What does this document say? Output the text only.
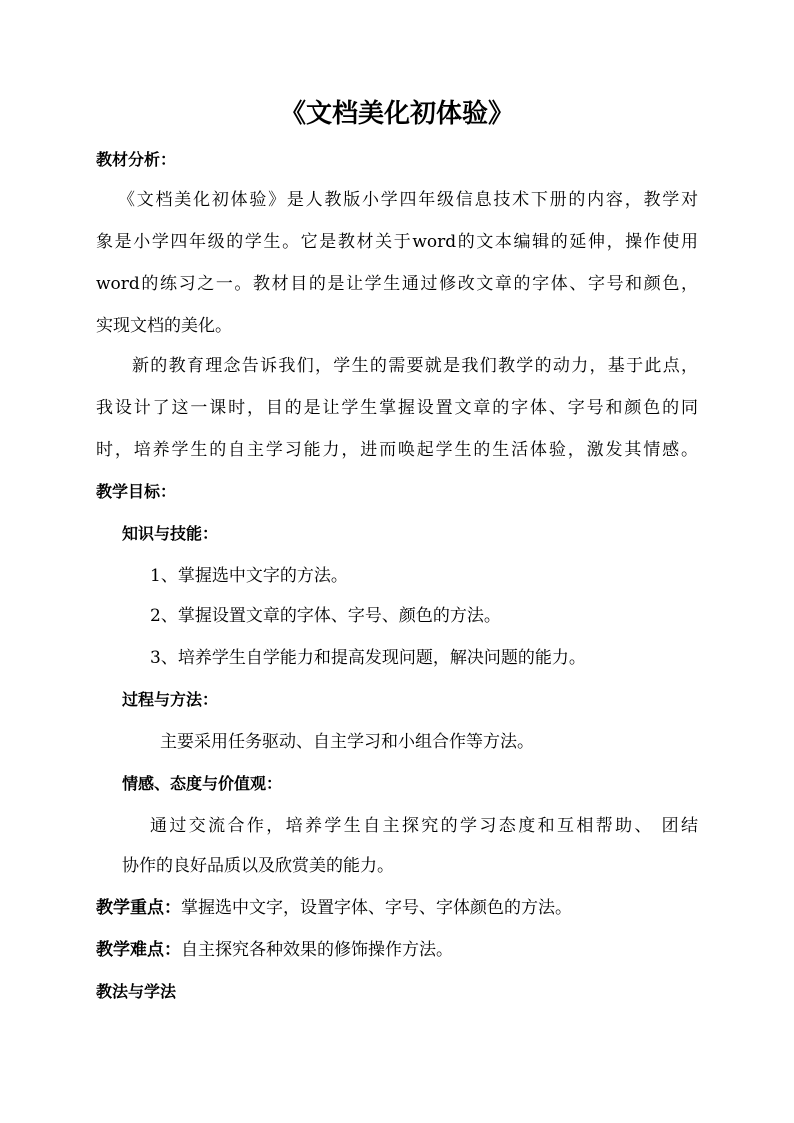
《文档美化初体验》
教材分析：
《文档美化初体验》是人教版小学四年级信息技术下册的内容，教学对
象是小学四年级的学生。它是教材关于word的文本编辑的延伸，操作使用
word的练习之一。教材目的是让学生通过修改文章的字体、字号和颜色，
实现文档的美化。
新的教育理念告诉我们，学生的需要就是我们教学的动力，基于此点，
我设计了这一课时，目的是让学生掌握设置文章的字体、字号和颜色的同
时，培养学生的自主学习能力，进而唤起学生的生活体验，激发其情感。
教学目标：
知识与技能：
1、掌握选中文字的方法。
2、掌握设置文章的字体、字号、颜色的方法。
3、培养学生自学能力和提高发现问题，解决问题的能力。
过程与方法：
主要采用任务驱动、自主学习和小组合作等方法。
情感、态度与价值观：
通过交流合作，培养学生自主探究的学习态度和互相帮助、 团结
协作的良好品质以及欣赏美的能力。
教学重点：掌握选中文字，设置字体、字号、字体颜色的方法。
教学难点：自主探究各种效果的修饰操作方法。
教法与学法
